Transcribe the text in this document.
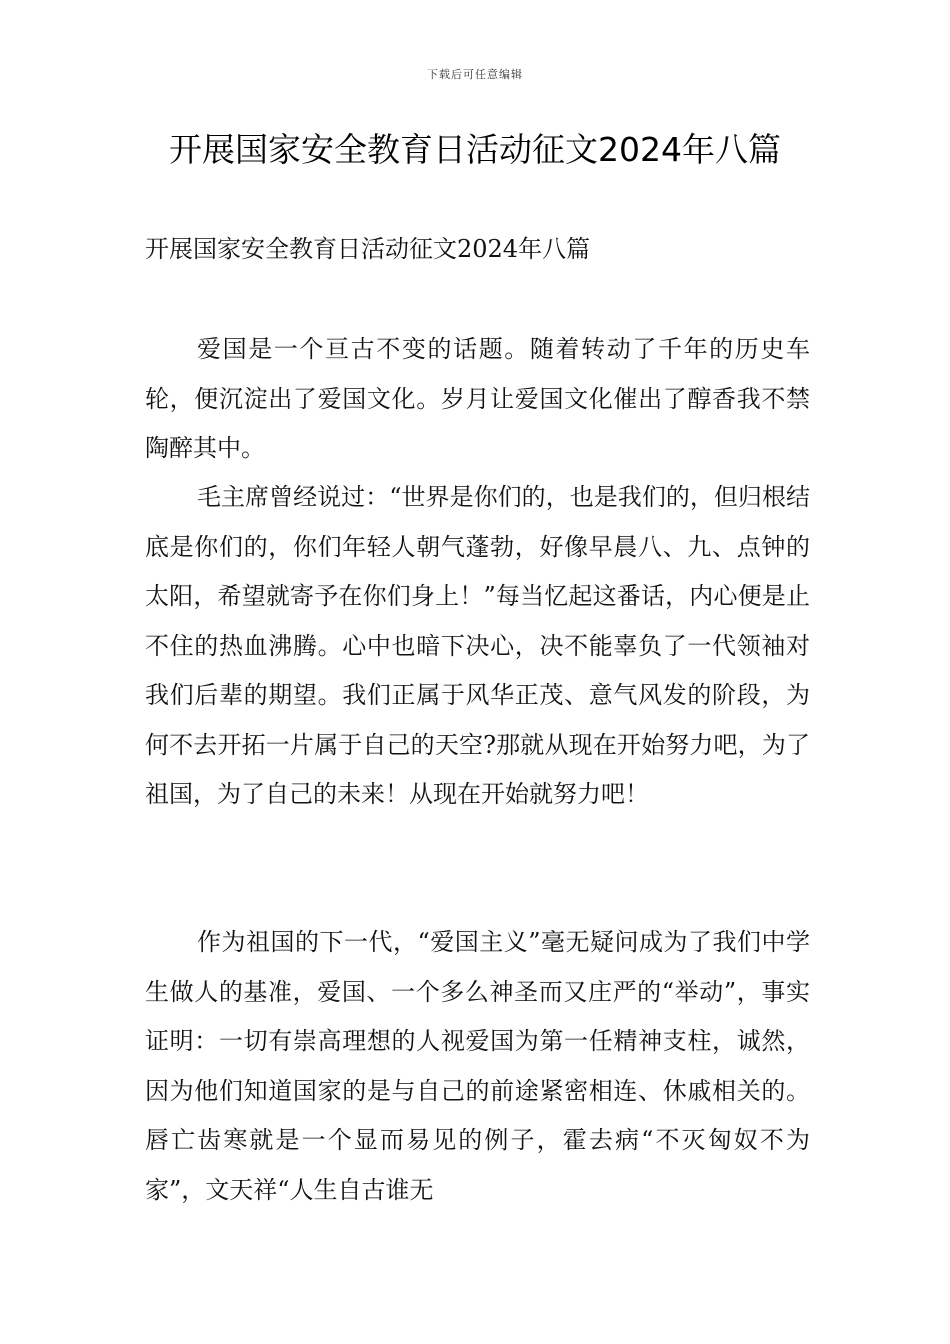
下载后可任意编辑
开展国家安全教育日活动征文2024年八篇

开展国家安全教育日活动征文2024年八篇

爱国是一个亘古不变的话题。随着转动了千年的历史车轮，便沉淀出了爱国文化。岁月让爱国文化催出了醇香我不禁陶醉其中。

毛主席曾经说过：“世界是你们的，也是我们的，但归根结底是你们的，你们年轻人朝气蓬勃，好像早晨八、九、点钟的太阳，希望就寄予在你们身上！”每当忆起这番话，内心便是止不住的热血沸腾。心中也暗下决心，决不能辜负了一代领袖对我们后辈的期望。我们正属于风华正茂、意气风发的阶段，为何不去开拓一片属于自己的天空?那就从现在开始努力吧，为了祖国，为了自己的未来！从现在开始就努力吧！

作为祖国的下一代，“爱国主义”毫无疑问成为了我们中学生做人的基准，爱国、一个多么神圣而又庄严的“举动”，事实证明：一切有崇高理想的人视爱国为第一任精神支柱，诚然，因为他们知道国家的是与自己的前途紧密相连、休戚相关的。唇亡齿寒就是一个显而易见的例子，霍去病“不灭匈奴不为家”，文天祥“人生自古谁无
